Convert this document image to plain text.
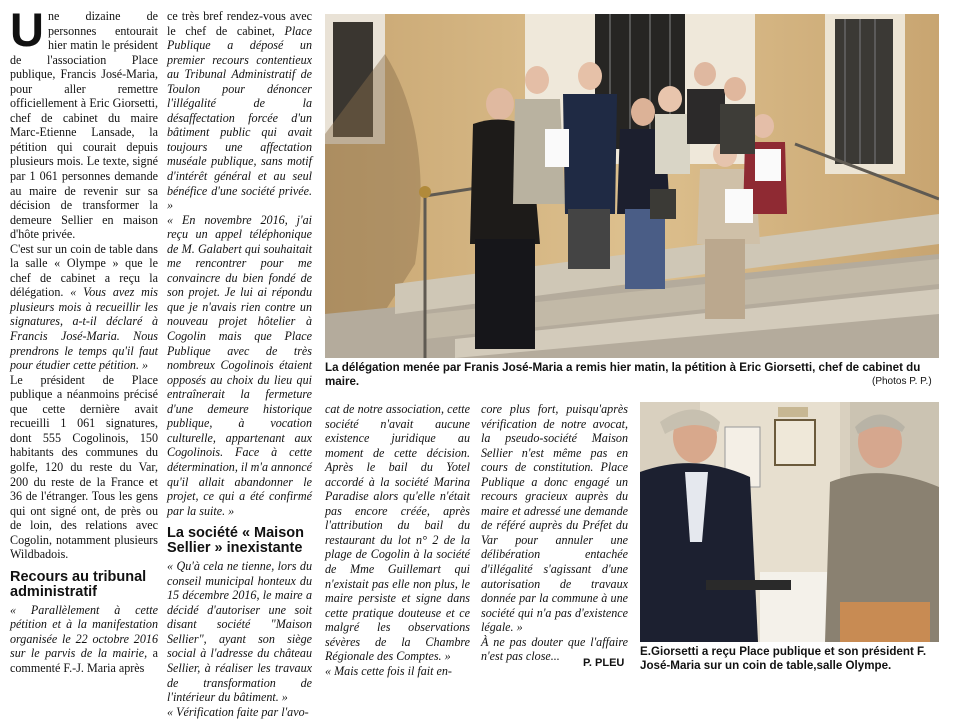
Une dizaine de personnes entourait hier matin le président de l'association Place publique, Francis José-Maria, pour aller remettre officiellement à Eric Giorsetti, chef de cabinet du maire Marc-Etienne Lansade, la pétition qui courait depuis plusieurs mois. Le texte, signé par 1 061 personnes demande au maire de revenir sur sa décision de transformer la demeure Sellier en maison d'hôte privée.

C'est sur un coin de table dans la salle « Olympe » que le chef de cabinet a reçu la délégation. « Vous avez mis plusieurs mois à recueillir les signatures, a-t-il déclaré à Francis José-Maria. Nous prendrons le temps qu'il faut pour étudier cette pétition. »

Le président de Place publique a néanmoins précisé que cette dernière avait recueilli 1 061 signatures, dont 555 Cogolinois, 150 habitants des communes du golfe, 120 du reste du Var, 200 du reste de la France et 36 de l'étranger. Tous les gens qui ont signé ont, de près ou de loin, des relations avec Cogolin, notamment plusieurs Wildbadois.

Recours au tribunal administratif

« Parallèlement à cette pétition et à la manifestation organisée le 22 octobre 2016 sur le parvis de la mairie, a commenté F.-J. Maria après

ce très bref rendez-vous avec le chef de cabinet, Place Publique a déposé un premier recours contentieux au Tribunal Administratif de Toulon pour dénoncer l'illégalité de la désaffectation forcée d'un bâtiment public qui avait toujours une affectation muséale publique, sans motif d'intérêt général et au seul bénéfice d'une société privée. »

« En novembre 2016, j'ai reçu un appel téléphonique de M. Galabert qui souhaitait me rencontrer pour me convaincre du bien fondé de son projet. Je lui ai répondu que je n'avais rien contre un nouveau projet hôtelier à Cogolin mais que Place Publique avec de très nombreux Cogolinois étaient opposés au choix du lieu qui entraînerait la fermeture d'une demeure historique publique, à vocation culturelle, appartenant aux Cogolinois. Face à cette détermination, il m'a annoncé qu'il allait abandonner le projet, ce qui a été confirmé par la suite. »

La société « Maison Sellier » inexistante

« Qu'à cela ne tienne, lors du conseil municipal honteux du 15 décembre 2016, le maire a décidé d'autoriser une soit disant société "Maison Sellier", ayant son siège social à l'adresse du château Sellier, à réaliser les travaux de transformation de l'intérieur du bâtiment. »

« Vérification faite par l'avo-

La délégation menée par Franis José-Maria a remis hier matin, la pétition à Eric Giorsetti, chef de cabinet du maire.	(Photos P. P.)

cat de notre association, cette société n'avait aucune existence juridique au moment de cette décision. Après le bail du Yotel accordé à la société Marina Paradise alors qu'elle n'était pas encore créée, après l'attribution du bail du restaurant du lot n° 2 de la plage de Cogolin à la société de Mme Guillemart qui n'existait pas elle non plus, le maire persiste et signe dans cette pratique douteuse et ce malgré les observations sévères de la Chambre Régionale des Comptes. »

« Mais cette fois il fait en-

core plus fort, puisqu'après vérification de notre avocat, la pseudo-société Maison Sellier n'est même pas en cours de constitution. Place Publique a donc engagé un recours gracieux auprès du maire et adressé une demande de référé auprès du Préfet du Var pour annuler une délibération entachée d'illégalité s'agissant d'une autorisation de travaux donnée par la commune à une société qui n'a pas d'existence légale. »

À ne pas douter que l'affaire n'est pas close...	P. PLEU
E.Giorsetti a reçu Place publique et son président F. José-Maria sur un coin de table,salle Olympe.
